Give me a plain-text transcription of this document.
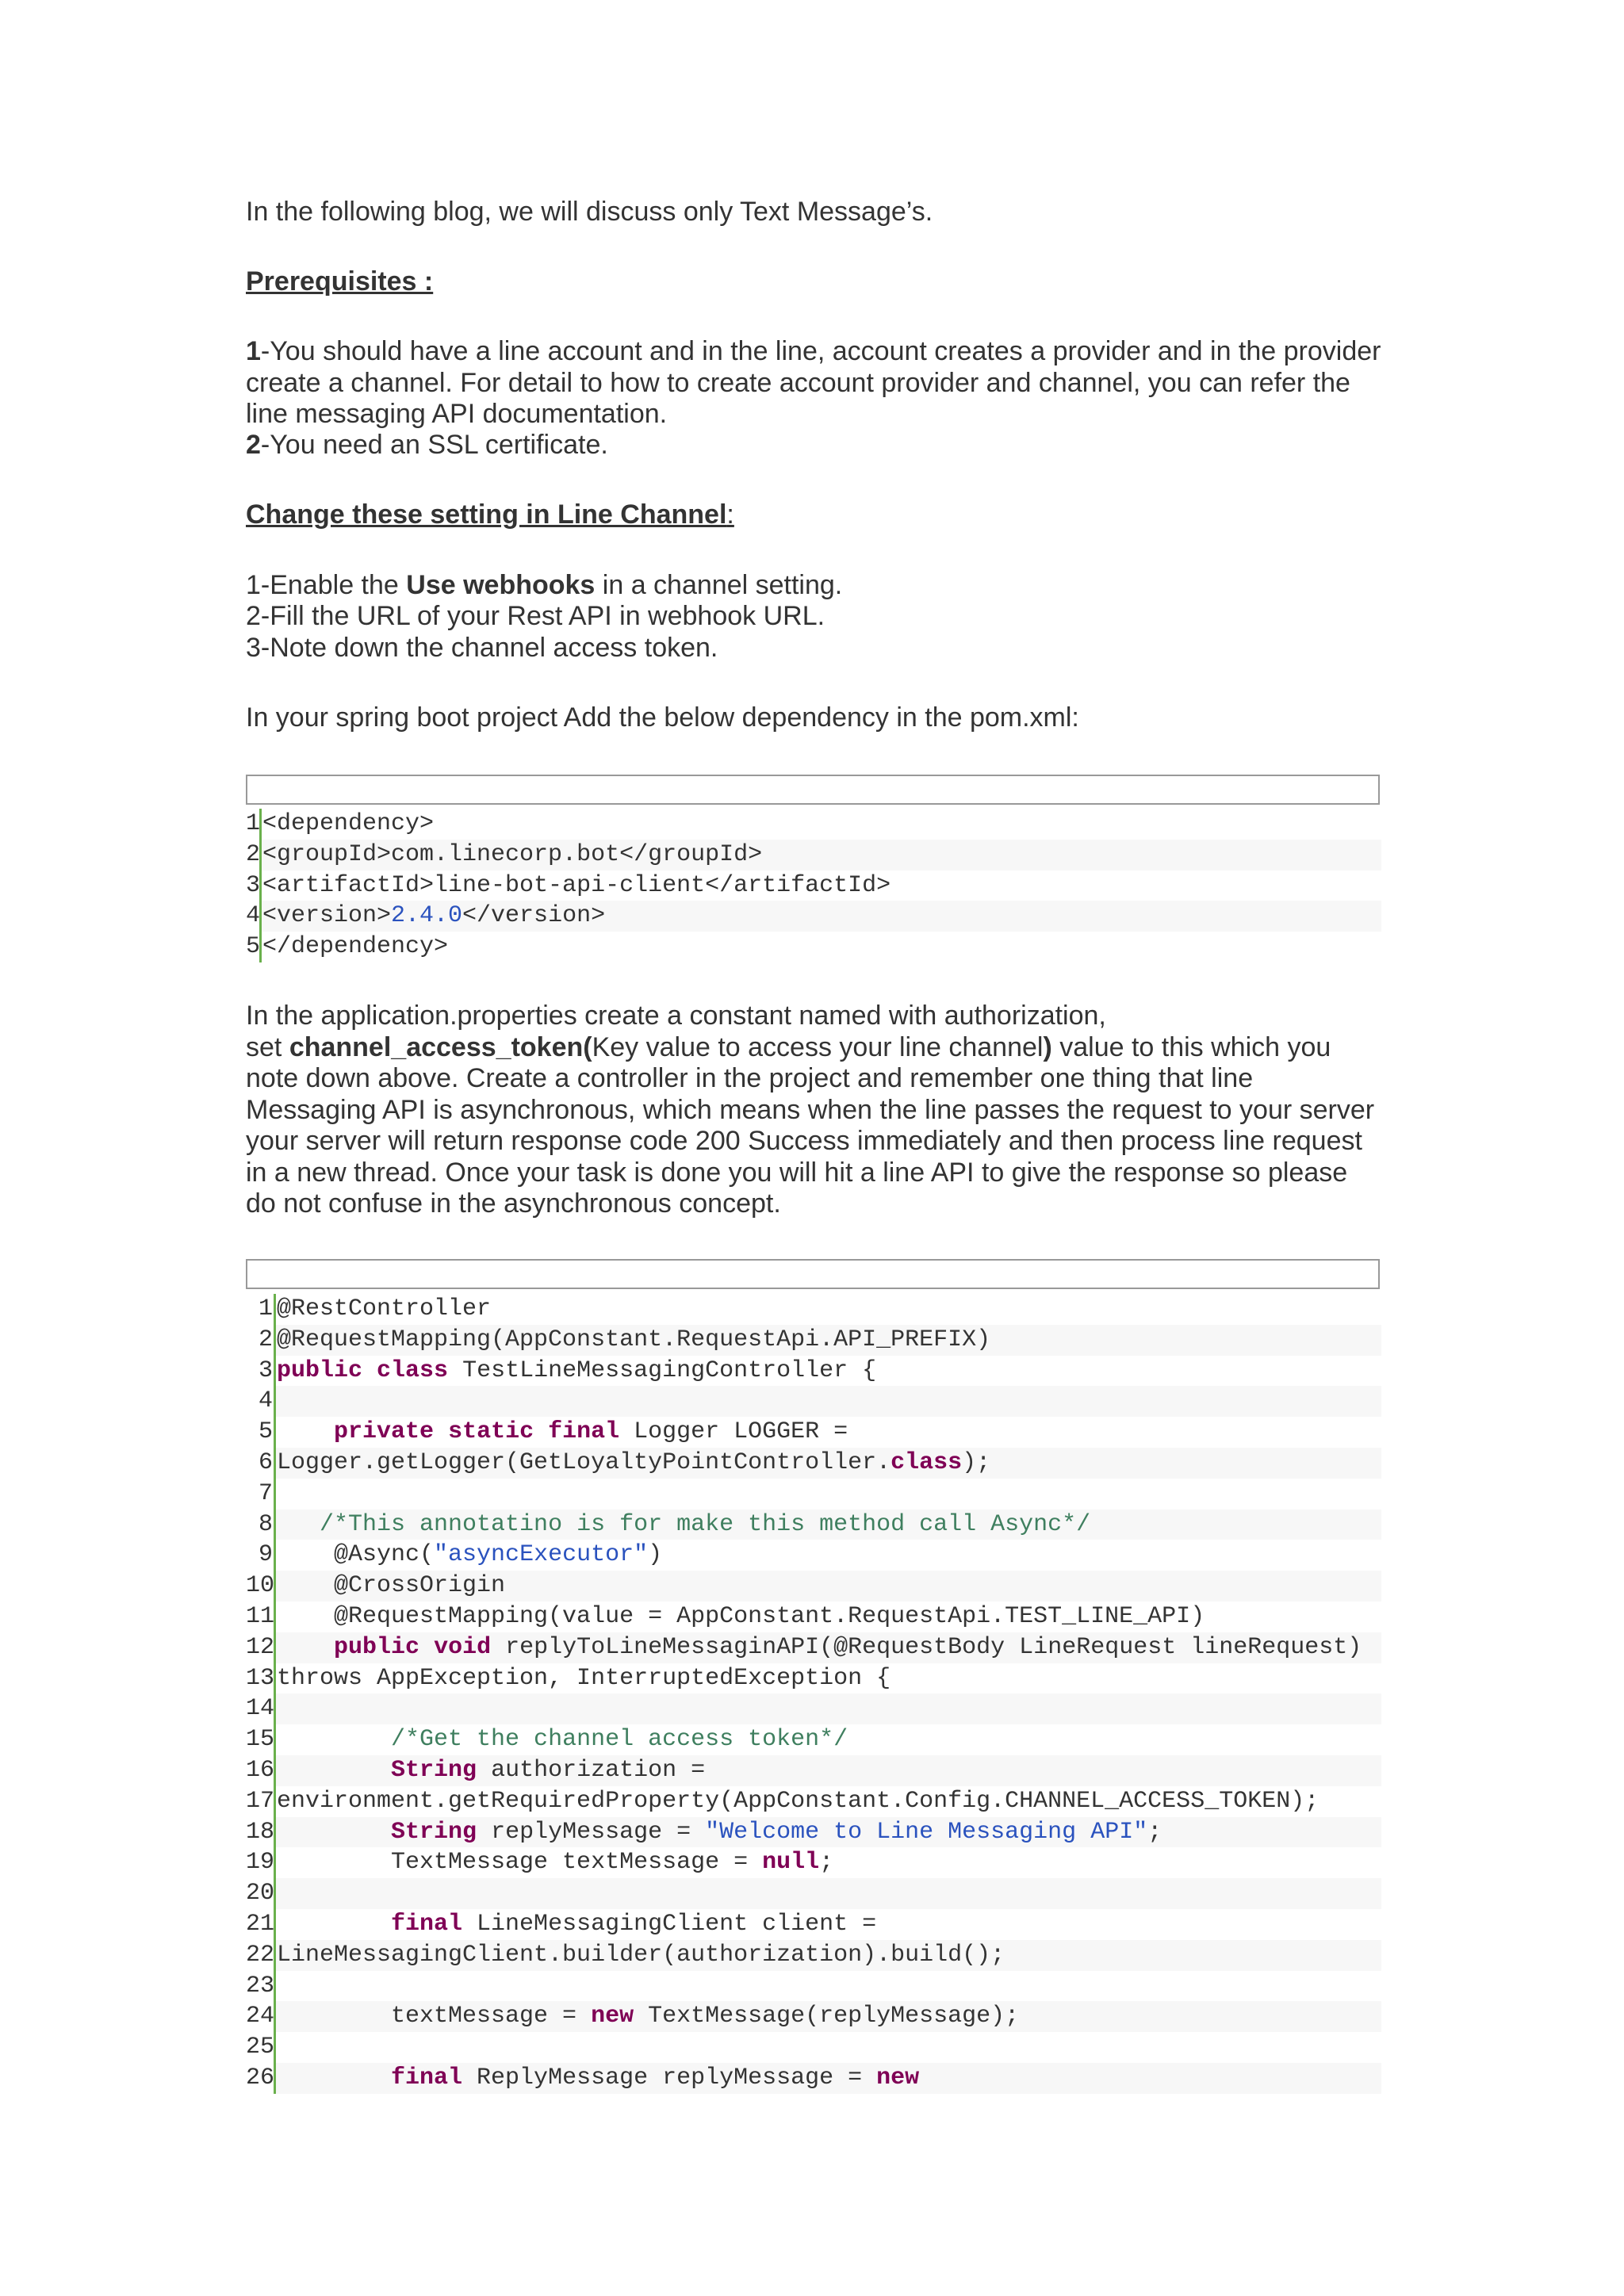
In the following blog, we will discuss only Text Message’s.

Prerequisites :

1-You should have a line account and in the line, account creates a provider and in the provider create a channel. For detail to how to create account provider and channel, you can refer the line messaging API documentation.

2-You need an SSL certificate.

Change these setting in Line Channel:

1-Enable the Use webhooks in a channel setting.

2-Fill the URL of your Rest API in webhook URL.

3-Note down the channel access token.

In your spring boot project Add the below dependency in the pom.xml:

1 <dependency>
2 <groupId>com.linecorp.bot</groupId>
3 <artifactId>line-bot-api-client</artifactId>
4 <version>2.4.0</version>
5 </dependency>

In the application.properties create a constant named with authorization,
set channel_access_token(Key value to access your line channel) value to this which you note down above. Create a controller in the project and remember one thing that line Messaging API is asynchronous, which means when the line passes the request to your server your server will return response code 200 Success immediately and then process line request in a new thread. Once your task is done you will hit a line API to give the response so please do not confuse in the asynchronous concept.

1 @RestController
2 @RequestMapping(AppConstant.RequestApi.API_PREFIX)
3 public class TestLineMessagingController {
4

5	private static final Logger LOGGER =
6 Logger.getLogger(GetLoyaltyPointController.class);
7

8	/*This annotatino is for make this method call Async*/
9 @Async("asyncExecutor")
10 @CrossOrigin
11 @RequestMapping(value = AppConstant.RequestApi.TEST_LINE_API)
12	public void replyToLineMessaginAPI(@RequestBody LineRequest lineRequest)
13 throws AppException, InterruptedException {
14

15	/*Get the channel access token*/
16	String authorization =
17 environment.getRequiredProperty(AppConstant.Config.CHANNEL_ACCESS_TOKEN);
18	String replyMessage = "Welcome to Line Messaging API";
19 TextMessage textMessage = null;
20

21	final LineMessagingClient client =
22 LineMessagingClient.builder(authorization).build();
23

24 textMessage = new TextMessage(replyMessage);
25

26	final ReplyMessage replyMessage = new
